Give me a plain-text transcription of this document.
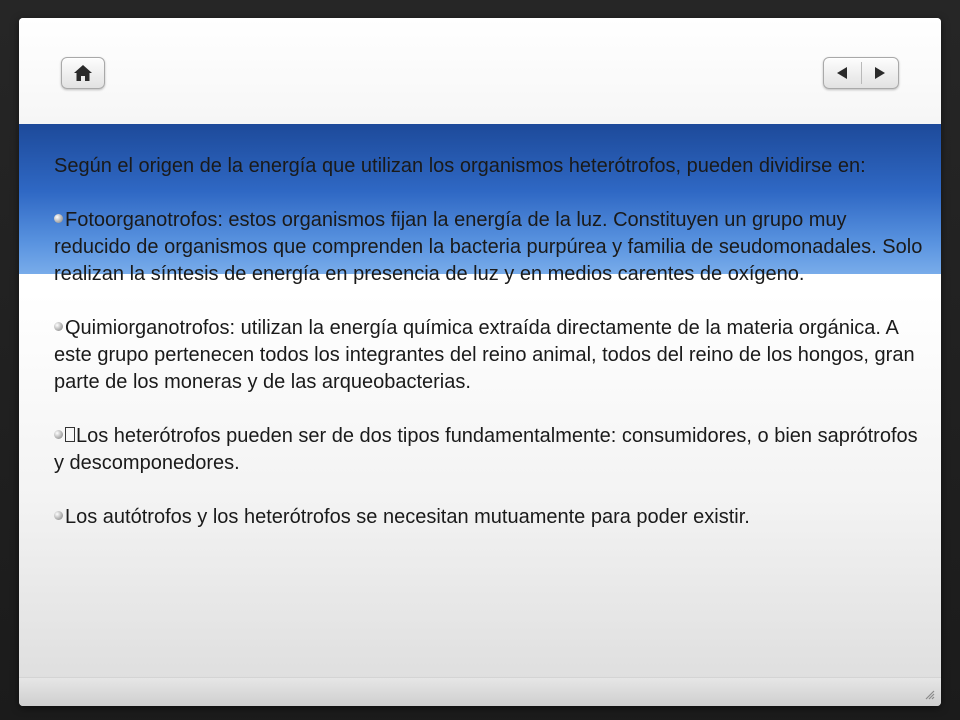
Según el origen de la energía que utilizan los organismos heterótrofos, pueden dividirse en:

Fotoorganotrofos: estos organismos fijan la energía de la luz. Constituyen un grupo muy reducido de organismos que comprenden la bacteria purpúrea y familia de seudomonadales. Solo realizan la síntesis de energía en presencia de luz y en medios carentes de oxígeno.

Quimiorganotrofos: utilizan la energía química extraída directamente de la materia orgánica. A este grupo pertenecen todos los integrantes del reino animal, todos del reino de los hongos, gran parte de los moneras y de las arqueobacterias.

Los heterótrofos pueden ser de dos tipos fundamentalmente: consumidores, o bien saprótrofos y descomponedores.

Los autótrofos y los heterótrofos se necesitan mutuamente para poder existir.
